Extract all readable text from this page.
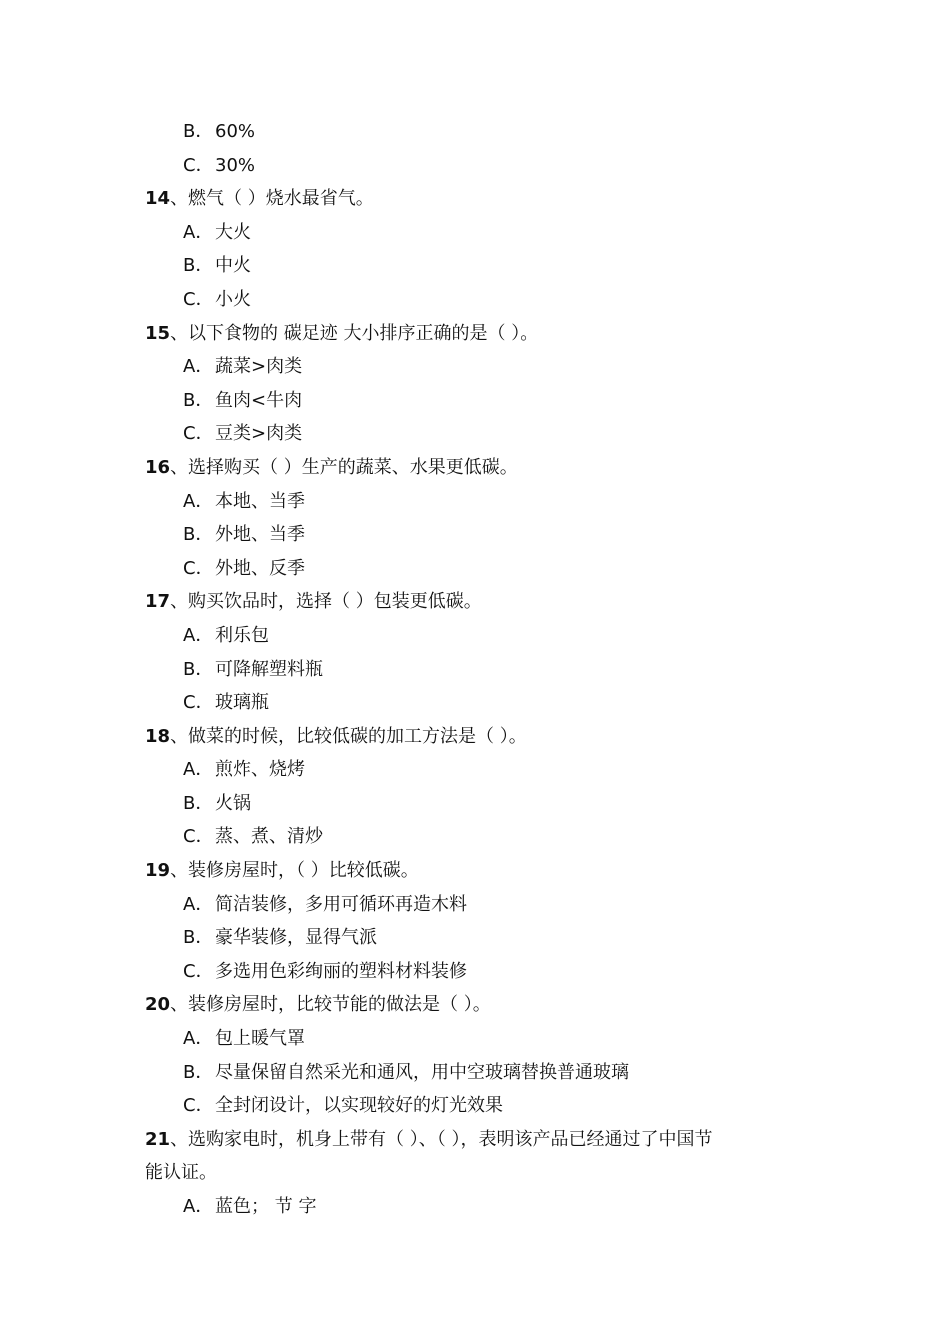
B．60%
C．30%
14、燃气（ ）烧水最省气。
A．大火
B．中火
C．小火
15、以下食物的 碳足迹 大小排序正确的是（ ）。
A．蔬菜>肉类
B．鱼肉<牛肉
C．豆类>肉类
16、选择购买（ ）生产的蔬菜、水果更低碳。
A．本地、当季
B．外地、当季
C．外地、反季
17、购买饮品时，选择（ ）包装更低碳。
A．利乐包
B．可降解塑料瓶
C．玻璃瓶
18、做菜的时候，比较低碳的加工方法是（ ）。
A．煎炸、烧烤
B．火锅
C．蒸、煮、清炒
19、装修房屋时，（ ）比较低碳。
A．简洁装修，多用可循环再造木料
B．豪华装修，显得气派
C．多选用色彩绚丽的塑料材料装修
20、装修房屋时，比较节能的做法是（ ）。
A．包上暖气罩
B．尽量保留自然采光和通风，用中空玻璃替换普通玻璃
C．全封闭设计，以实现较好的灯光效果
21、选购家电时，机身上带有（ ）、（ ），表明该产品已经通过了中国节
能认证。
A．蓝色； 节 字
